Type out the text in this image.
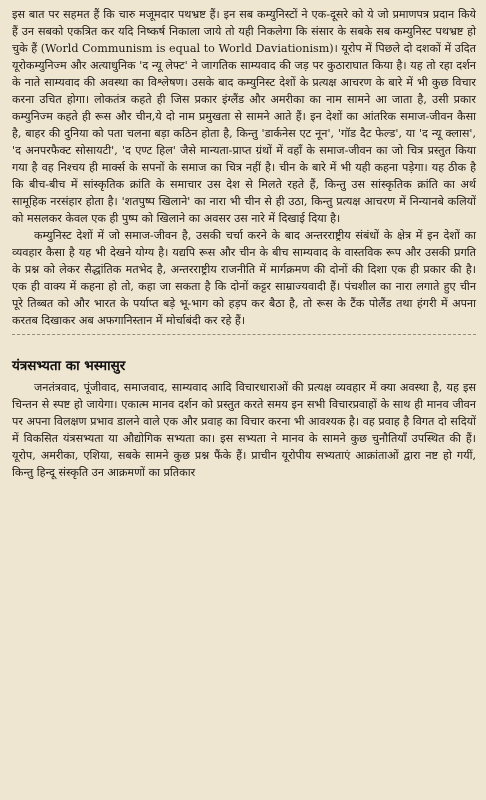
इस बात पर सहमत हैं कि चारु मजूमदार पथभ्रष्ट हैं। इन सब कम्युनिस्टों ने एक-दूसरे को ये जो प्रमाणपत्र प्रदान किये हैं उन सबको एकत्रित कर यदि निष्कर्ष निकाला जाये तो यही निकलेगा कि संसार के सबके सब कम्युनिस्ट पथभ्रष्ट हो चुके हैं (World Communism is equal to World Daviationism)। यूरोप में पिछले दो दशकों में उदित यूरोकम्युनिज्म और अत्याधुनिक 'द न्यू लेफ्ट' ने जागतिक साम्यवाद की जड़ पर कुठाराघात किया है। यह तो रहा दर्शन के नाते साम्यवाद की अवस्था का विश्लेषण। उसके बाद कम्युनिस्ट देशों के प्रत्यक्ष आचरण के बारे में भी कुछ विचार करना उचित होगा। लोकतंत्र कहते ही जिस प्रकार इंग्लैंड और अमरीका का नाम सामने आ जाता है, उसी प्रकार कम्युनिज्म कहते ही रूस और चीन,ये दो नाम प्रमुखता से सामने आते हैं। इन देशों का आंतरिक समाज-जीवन कैसा है, बाहर की दुनिया को पता चलना बड़ा कठिन होता है, किन्तु 'डार्कनेस एट नून', 'गॉड दैट फेल्ड', या 'द न्यू क्लास', 'द अनपरफैक्ट सोसायटी', 'द एण्ट हिल' जैसे मान्यता-प्राप्त ग्रंथों में वहाँ के समाज-जीवन का जो चित्र प्रस्तुत किया गया है वह निश्चय ही मार्क्स के सपनों के समाज का चित्र नहीं है। चीन के बारे में भी यही कहना पड़ेगा। यह ठीक है कि बीच-बीच में सांस्कृतिक क्रांति के समाचार उस देश से मिलते रहते हैं, किन्तु उस सांस्कृतिक क्रांति का अर्थ सामूहिक नरसंहार होता है। 'शतपुष्प खिलाने' का नारा भी चीन से ही उठा, किन्तु प्रत्यक्ष आचरण में निन्यानबे कलियों को मसलकर केवल एक ही पुष्प को खिलाने का अवसर उस नारे में दिखाई दिया है।

कम्युनिस्ट देशों में जो समाज-जीवन है, उसकी चर्चा करने के बाद अन्तरराष्ट्रीय संबंधों के क्षेत्र में इन देशों का व्यवहार कैसा है यह भी देखने योग्य है। यद्यपि रूस और चीन के बीच साम्यवाद के वास्तविक रूप और उसकी प्रगति के प्रश्न को लेकर सैद्धांतिक मतभेद है, अन्तरराष्ट्रीय राजनीति में मार्गक्रमण की दोनों की दिशा एक ही प्रकार की है। एक ही वाक्य में कहना हो तो, कहा जा सकता है कि दोनों कट्टर साम्राज्यवादी हैं। पंचशील का नारा लगाते हुए चीन पूरे तिब्बत को और भारत के पर्याप्त बड़े भू-भाग को हड़प कर बैठा है, तो रूस के टैंक पोलैंड तथा हंगरी में अपना करतब दिखाकर अब अफगानिस्तान में मोर्चाबंदी कर रहे हैं।

यंत्रसभ्यता का भस्मासुर

जनतंत्रवाद, पूंजीवाद, समाजवाद, साम्यवाद आदि विचारधाराओं की प्रत्यक्ष व्यवहार में क्या अवस्था है, यह इस चिन्तन से स्पष्ट हो जायेगा। एकात्म मानव दर्शन को प्रस्तुत करते समय इन सभी विचारप्रवाहों के साथ ही मानव जीवन पर अपना विलक्षण प्रभाव डालने वाले एक और प्रवाह का विचार करना भी आवश्यक है। वह प्रवाह है विगत दो सदियों में विकसित यंत्रसभ्यता या औद्योगिक सभ्यता का। इस सभ्यता ने मानव के सामने कुछ चुनौतियाँ उपस्थित की हैं। यूरोप, अमरीका, एशिया, सबके सामने कुछ प्रश्न फैंके हैं। प्राचीन यूरोपीय सभ्यताएं आक्रांताओं द्वारा नष्ट हो गयीं, किन्तु हिन्दू संस्कृति उन आक्रमणों का प्रतिकार
